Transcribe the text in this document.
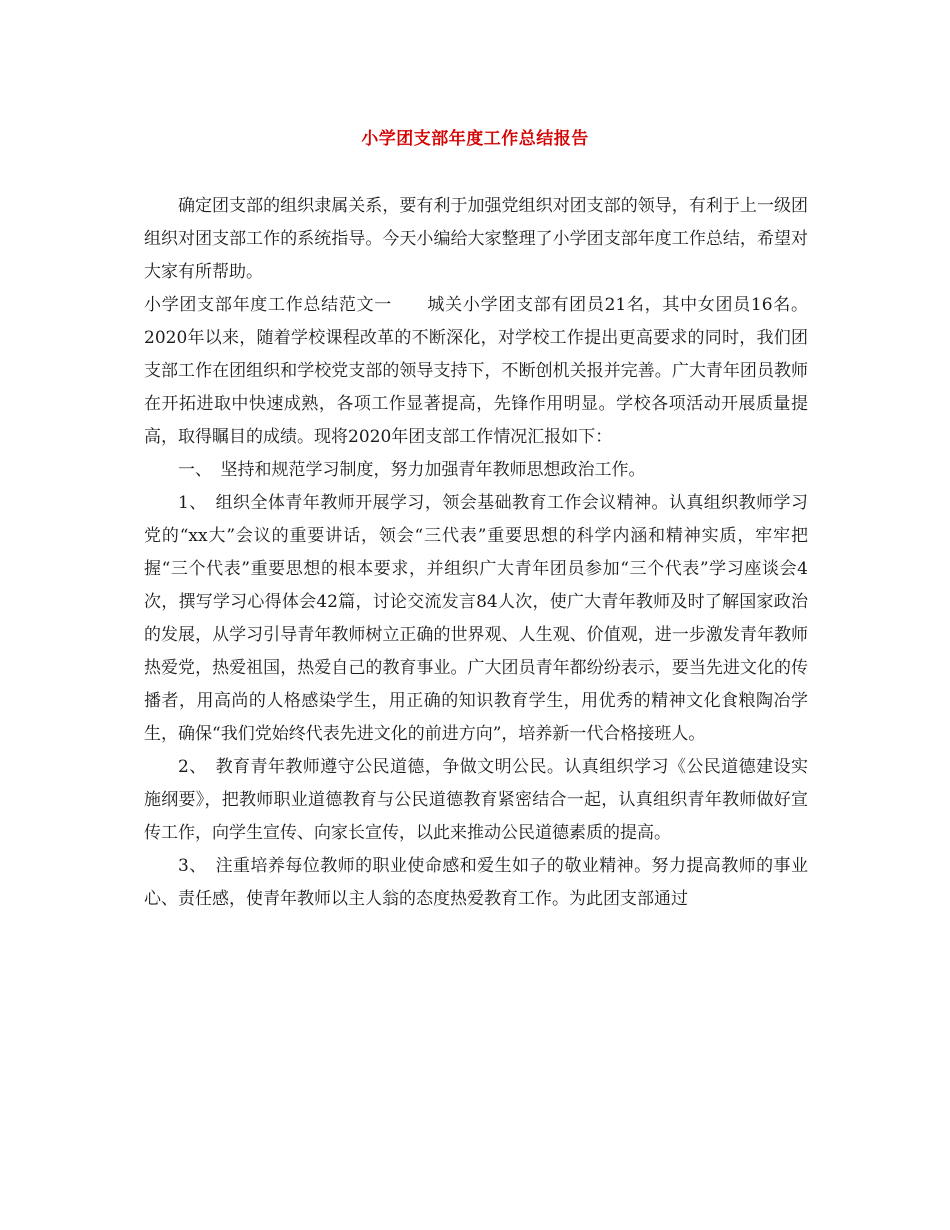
小学团支部年度工作总结报告

确定团支部的组织隶属关系，要有利于加强党组织对团支部的领导，有利于上一级团组织对团支部工作的系统指导。今天小编给大家整理了小学团支部年度工作总结，希望对大家有所帮助。

小学团支部年度工作总结范文一　　城关小学团支部有团员21名，其中女团员16名。2020年以来，随着学校课程改革的不断深化，对学校工作提出更高要求的同时，我们团支部工作在团组织和学校党支部的领导支持下，不断创机关报并完善。广大青年团员教师在开拓进取中快速成熟，各项工作显著提高，先锋作用明显。学校各项活动开展质量提高，取得瞩目的成绩。现将2020年团支部工作情况汇报如下：

一、　坚持和规范学习制度，努力加强青年教师思想政治工作。

1、　组织全体青年教师开展学习，领会基础教育工作会议精神。认真组织教师学习党的“xx大”会议的重要讲话，领会“三代表”重要思想的科学内涵和精神实质，牢牢把握“三个代表”重要思想的根本要求，并组织广大青年团员参加“三个代表”学习座谈会4次，撰写学习心得体会42篇，讨论交流发言84人次，使广大青年教师及时了解国家政治的发展，从学习引导青年教师树立正确的世界观、人生观、价值观，进一步激发青年教师热爱党，热爱祖国，热爱自己的教育事业。广大团员青年都纷纷表示，要当先进文化的传播者，用高尚的人格感染学生，用正确的知识教育学生，用优秀的精神文化食粮陶冶学生，确保“我们党始终代表先进文化的前进方向”，培养新一代合格接班人。

2、　教育青年教师遵守公民道德，争做文明公民。认真组织学习《公民道德建设实施纲要》，把教师职业道德教育与公民道德教育紧密结合一起，认真组织青年教师做好宣传工作，向学生宣传、向家长宣传，以此来推动公民道德素质的提高。

3、　注重培养每位教师的职业使命感和爱生如子的敬业精神。努力提高教师的事业心、责任感，使青年教师以主人翁的态度热爱教育工作。为此团支部通过
